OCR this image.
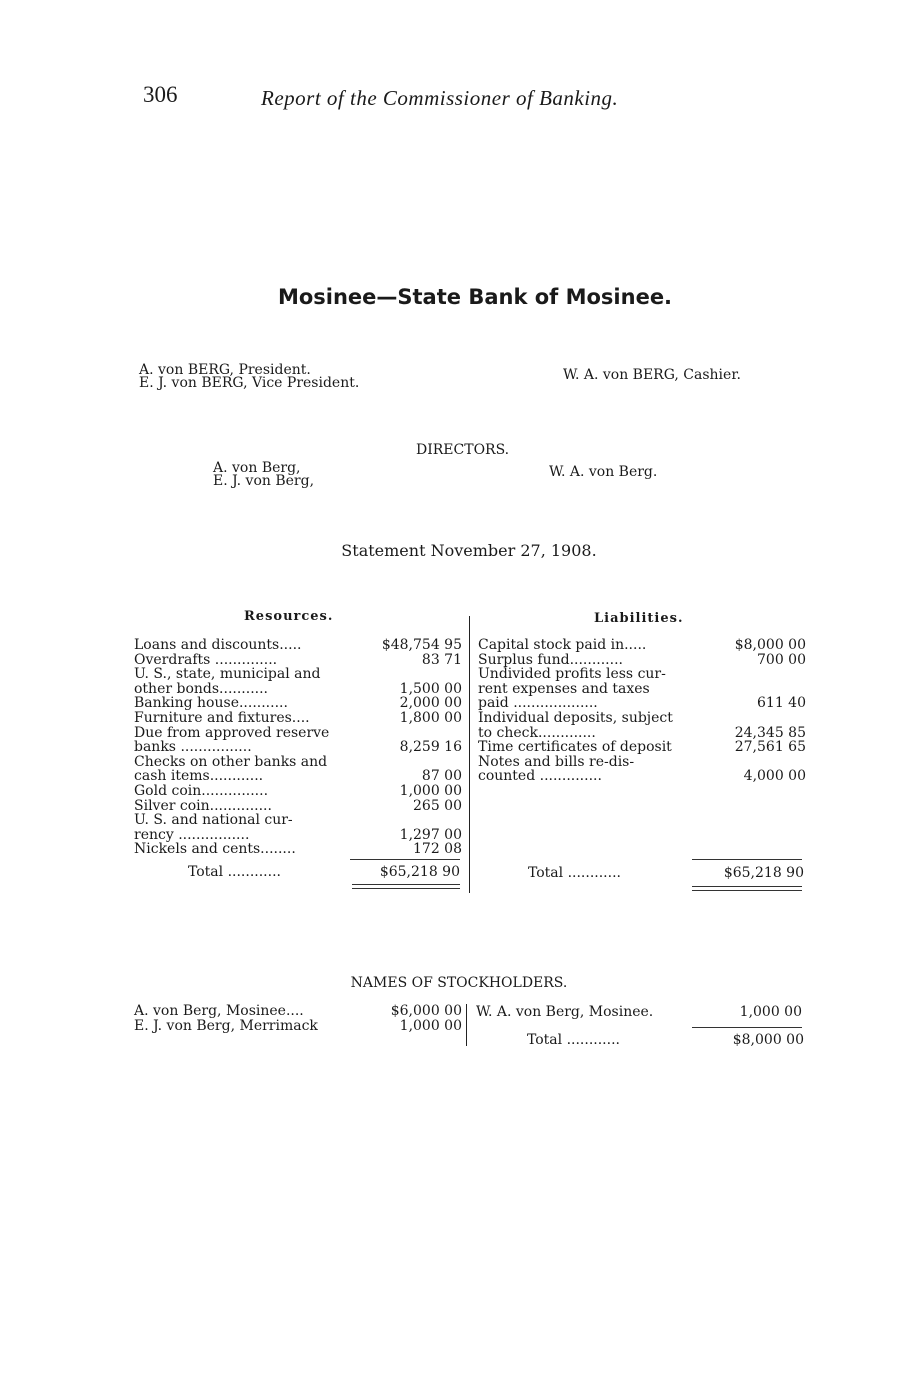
306	Report of the Commissioner of Banking.
Mosinee—State Bank of Mosinee.
A. von BERG, President.
E. J. von BERG, Vice President.	W. A. von BERG, Cashier.
DIRECTORS.
A. von Berg,
E. J. von Berg,
W. A. von Berg.
Statement November 27, 1908.
Resources.	Liabilities.
Loans and discounts.....	$48,754 95
Overdrafts ..............	83 71
U. S., state, municipal and
other bonds...........	1,500 00
Banking house...........	2,000 00
Furniture and fixtures....	1,800 00
Due from approved reserve
banks ................	8,259 16
Checks on other banks and
cash items............	87 00
Gold coin...............	1,000 00
Silver coin..............	265 00
U. S. and national cur-
rency ................	1,297 00
Nickels and cents........	172 08
Total ............	$65,218 90
Capital stock paid in.....	$8,000 00
Surplus fund............	700 00
Undivided profits less cur-
rent expenses and taxes
paid ...................	611 40
Individual deposits, subject
to check.............	24,345 85
Time certificates of deposit	27,561 65
Notes and bills re-dis-
counted ..............	4,000 00
Total ............	$65,218 90
NAMES OF STOCKHOLDERS.
A. von Berg, Mosinee....	$6,000 00
E. J. von Berg, Merrimack	1,000 00
W. A. von Berg, Mosinee.	1,000 00
Total ............	$8,000 00
